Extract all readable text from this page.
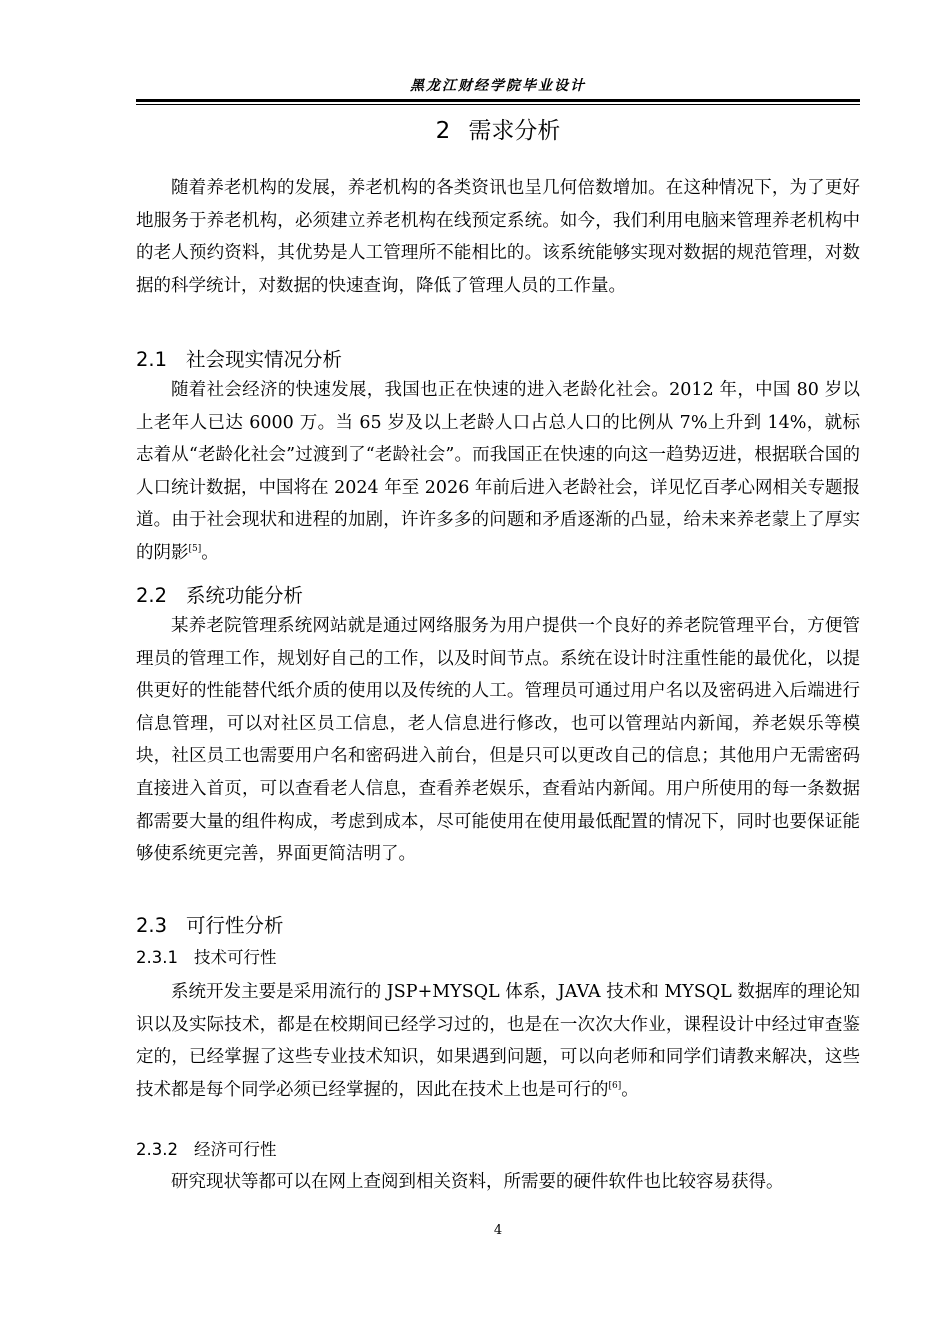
黑龙江财经学院毕业设计
2 需求分析

随着养老机构的发展，养老机构的各类资讯也呈几何倍数增加。在这种情况下，为了更好地服务于养老机构，必须建立养老机构在线预定系统。如今，我们利用电脑来管理养老机构中的老人预约资料，其优势是人工管理所不能相比的。该系统能够实现对数据的规范管理，对数据的科学统计，对数据的快速查询，降低了管理人员的工作量。

2.1 社会现实情况分析

随着社会经济的快速发展，我国也正在快速的进入老龄化社会。2012 年，中国 80 岁以上老年人已达 6000 万。当 65 岁及以上老龄人口占总人口的比例从 7%上升到 14%，就标志着从“老龄化社会”过渡到了“老龄社会”。而我国正在快速的向这一趋势迈进，根据联合国的人口统计数据，中国将在 2024 年至 2026 年前后进入老龄社会，详见忆百孝心网相关专题报道。由于社会现状和进程的加剧，许许多多的问题和矛盾逐渐的凸显，给未来养老蒙上了厚实的阴影[5]。

2.2 系统功能分析

某养老院管理系统网站就是通过网络服务为用户提供一个良好的养老院管理平台，方便管理员的管理工作，规划好自己的工作，以及时间节点。系统在设计时注重性能的最优化，以提供更好的性能替代纸介质的使用以及传统的人工。管理员可通过用户名以及密码进入后端进行信息管理，可以对社区员工信息，老人信息进行修改，也可以管理站内新闻，养老娱乐等模块，社区员工也需要用户名和密码进入前台，但是只可以更改自己的信息；其他用户无需密码直接进入首页，可以查看老人信息，查看养老娱乐，查看站内新闻。用户所使用的每一条数据都需要大量的组件构成，考虑到成本，尽可能使用在使用最低配置的情况下，同时也要保证能够使系统更完善，界面更简洁明了。

2.3 可行性分析
2.3.1 技术可行性

系统开发主要是采用流行的 JSP+MYSQL 体系，JAVA 技术和 MYSQL 数据库的理论知识以及实际技术，都是在校期间已经学习过的，也是在一次次大作业，课程设计中经过审查鉴定的，已经掌握了这些专业技术知识，如果遇到问题，可以向老师和同学们请教来解决，这些技术都是每个同学必须已经掌握的，因此在技术上也是可行的[6]。

2.3.2 经济可行性

研究现状等都可以在网上查阅到相关资料，所需要的硬件软件也比较容易获得。

4
